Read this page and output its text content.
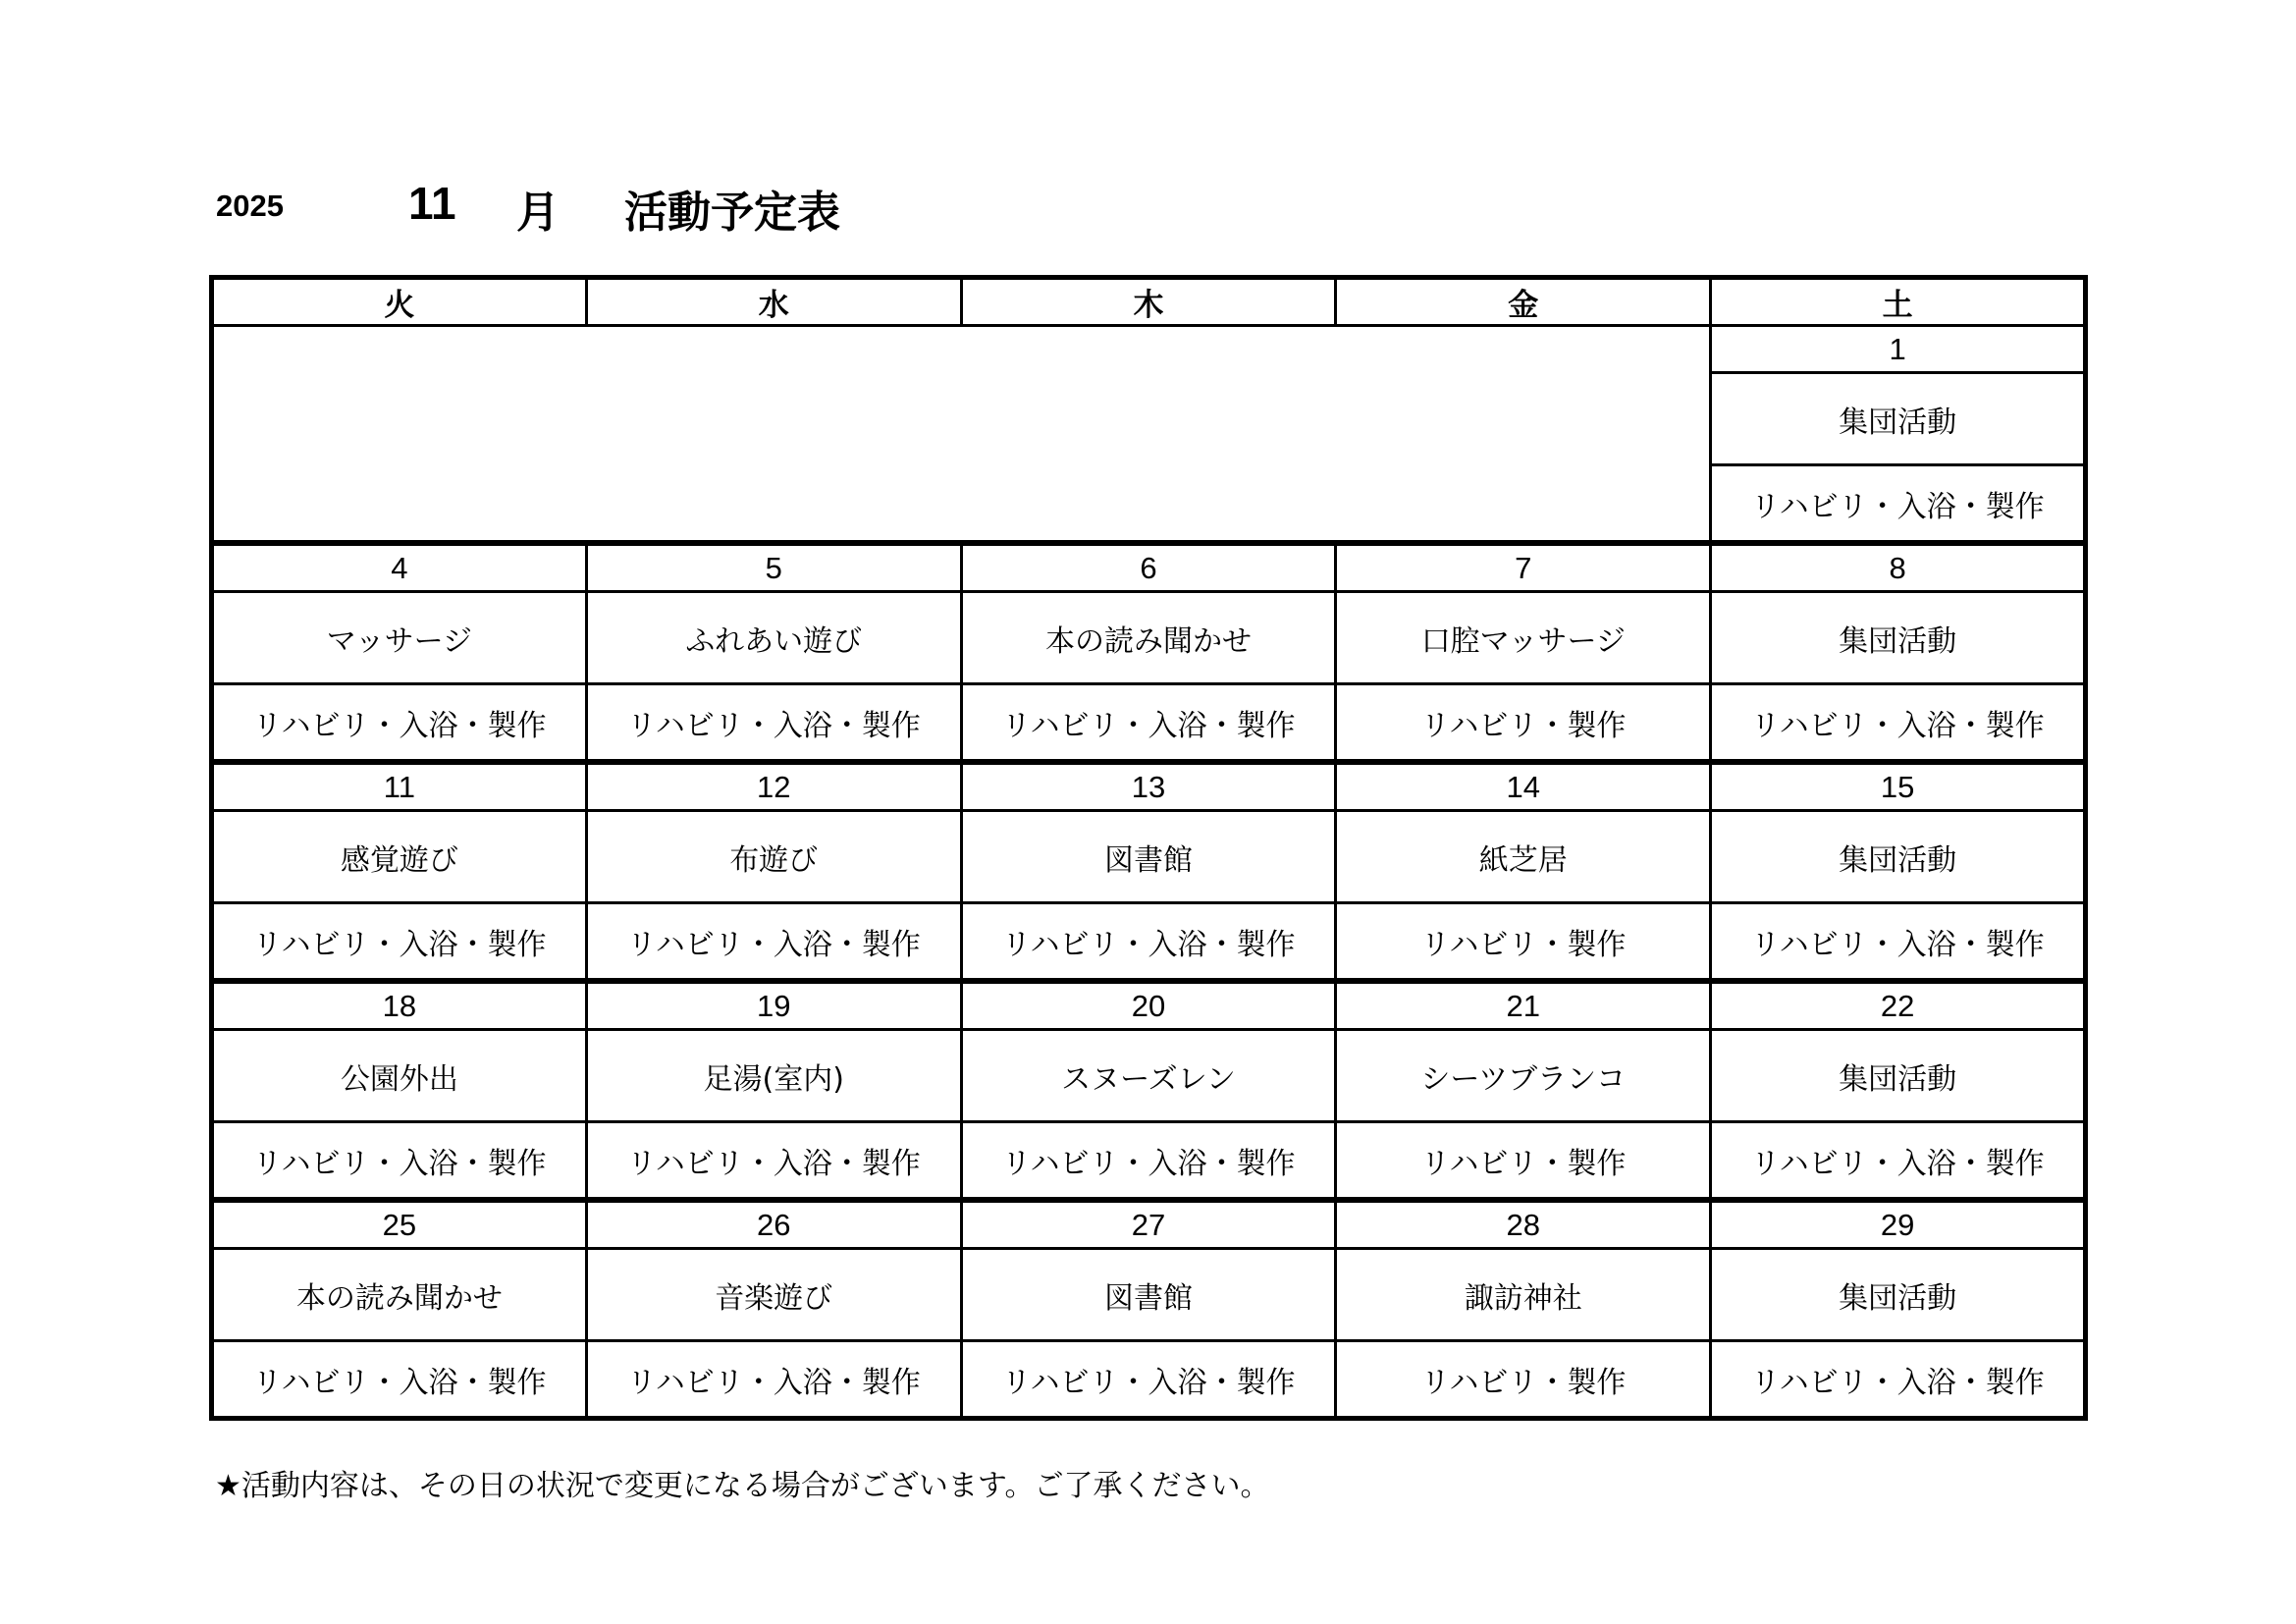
2025	11 月 活動予定表
火	水	木	金	土
				1
				集団活動
				リハビリ・入浴・製作
4	5	6	7	8
マッサージ	ふれあい遊び	本の読み聞かせ	口腔マッサージ	集団活動
リハビリ・入浴・製作	リハビリ・入浴・製作	リハビリ・入浴・製作	リハビリ・製作	リハビリ・入浴・製作
11	12	13	14	15
感覚遊び	布遊び	図書館	紙芝居	集団活動
リハビリ・入浴・製作	リハビリ・入浴・製作	リハビリ・入浴・製作	リハビリ・製作	リハビリ・入浴・製作
18	19	20	21	22
公園外出	足湯(室内)	スヌーズレン	シーツブランコ	集団活動
リハビリ・入浴・製作	リハビリ・入浴・製作	リハビリ・入浴・製作	リハビリ・製作	リハビリ・入浴・製作
25	26	27	28	29
本の読み聞かせ	音楽遊び	図書館	諏訪神社	集団活動
リハビリ・入浴・製作	リハビリ・入浴・製作	リハビリ・入浴・製作	リハビリ・製作	リハビリ・入浴・製作
★活動内容は、その日の状況で変更になる場合がございます。ご了承ください。
